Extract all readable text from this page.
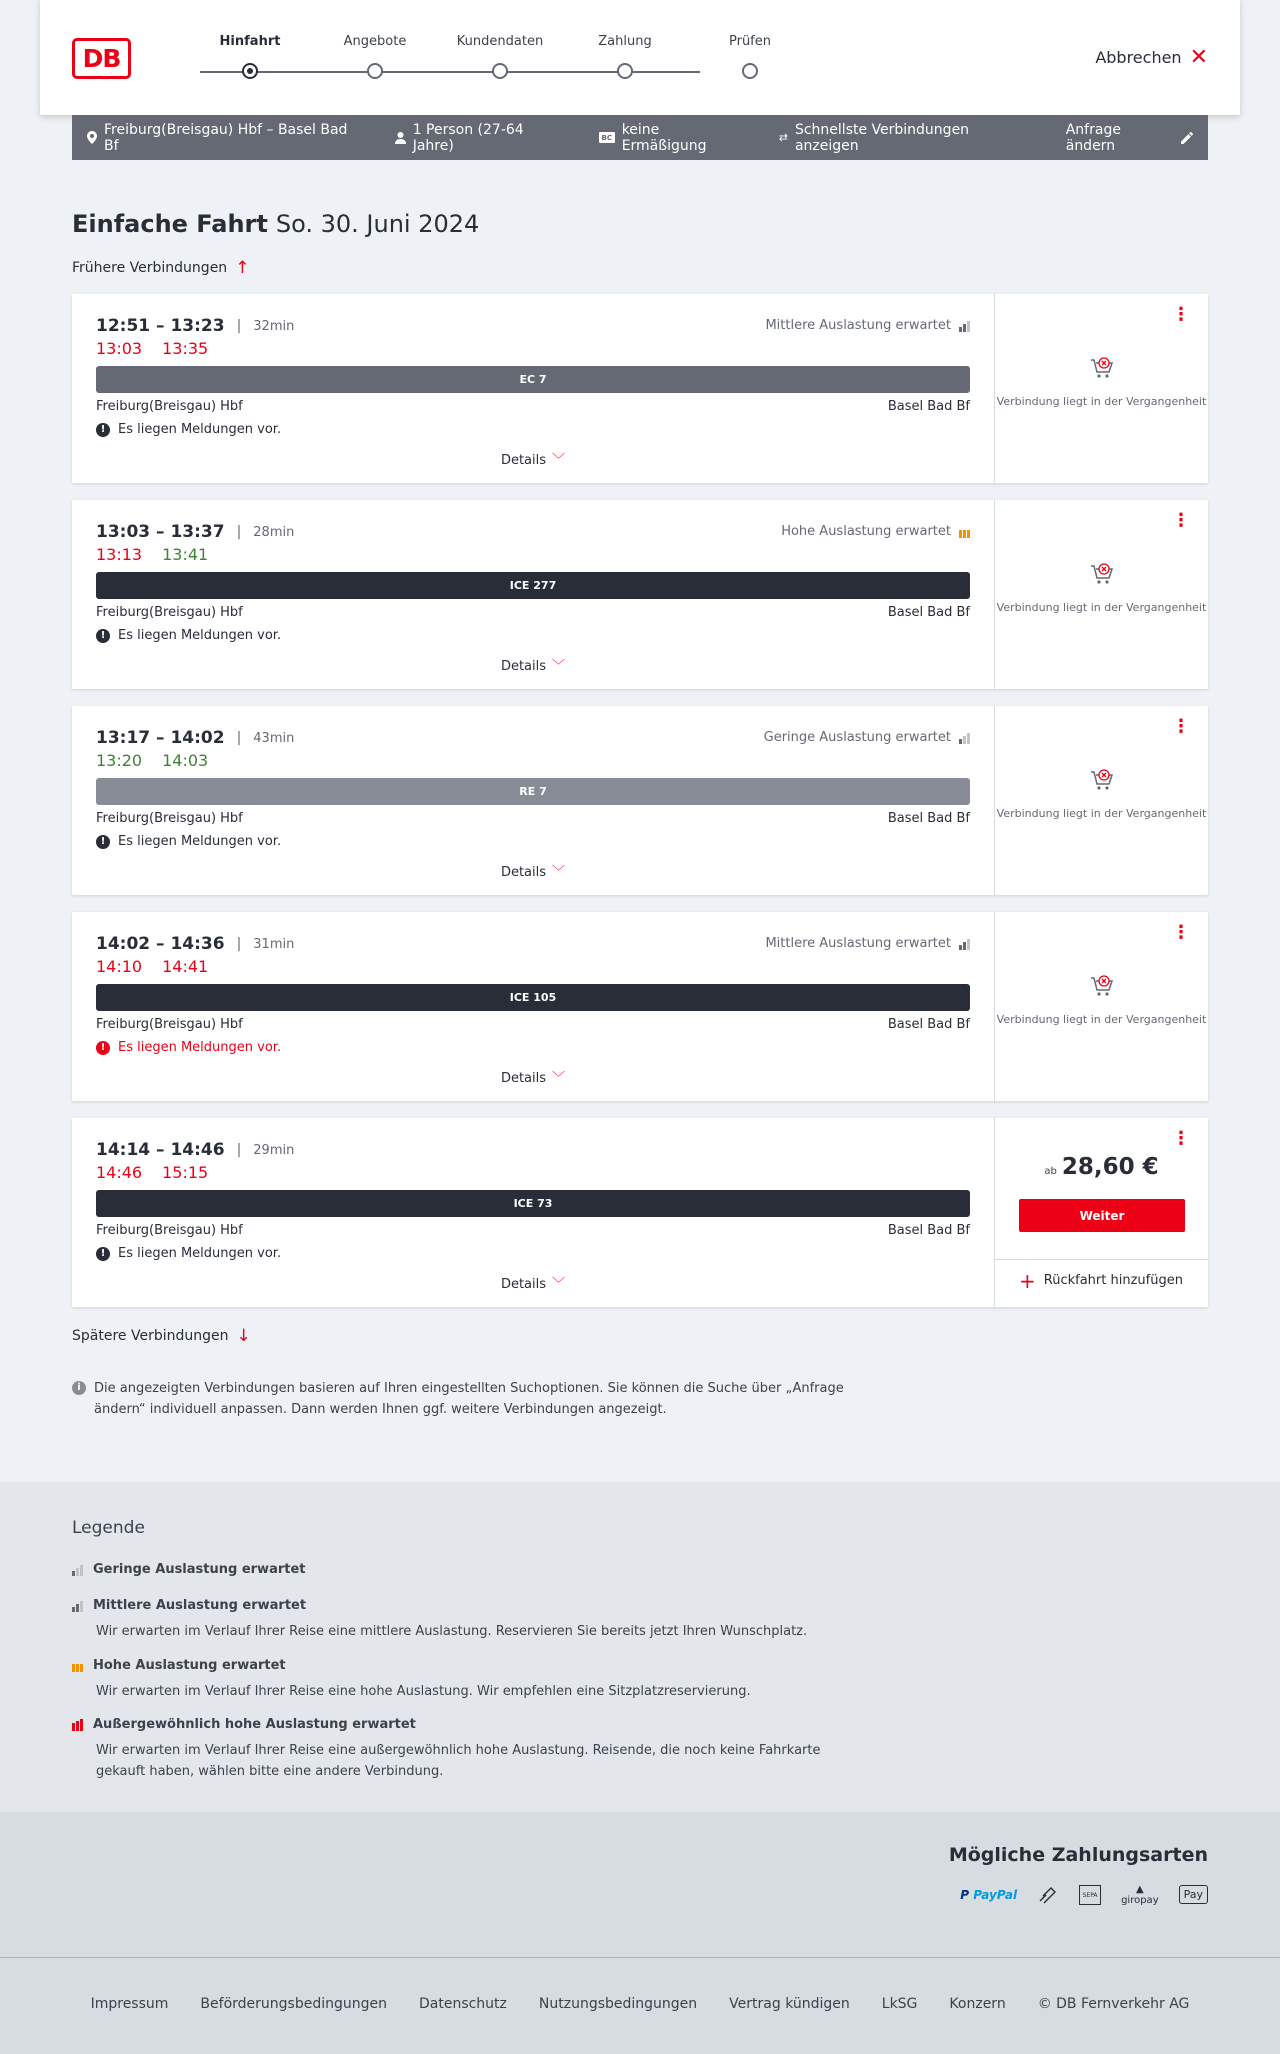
DB
Hinfahrt	Angebote	Kundendaten	Zahlung	Prüfen
Abbrechen ✕
Freiburg(Breisgau) Hbf – Basel Bad Bf
1 Person (27-64 Jahre)	BC keine Ermäßigung	⇄ Schnellste Verbindungen anzeigen
Anfrage ändern
Einfache Fahrt So. 30. Juni 2024
Frühere Verbindungen ↑
12:51 – 13:23 | 32min
13:03 13:35
Mittlere Auslastung erwartet
EC 7
Freiburg(Breisgau) Hbf	Basel Bad Bf
! Es liegen Meldungen vor.
Details ﹀
⋮
Verbindung liegt in der Vergangenheit
13:03 – 13:37 | 28min
13:13 13:41
Hohe Auslastung erwartet
ICE 277
Freiburg(Breisgau) Hbf	Basel Bad Bf
! Es liegen Meldungen vor.
Details ﹀
⋮
Verbindung liegt in der Vergangenheit
13:17 – 14:02 | 43min
13:20 14:03
Geringe Auslastung erwartet
RE 7
Freiburg(Breisgau) Hbf	Basel Bad Bf
! Es liegen Meldungen vor.
Details ﹀
⋮
Verbindung liegt in der Vergangenheit
14:02 – 14:36 | 31min
14:10 14:41
Mittlere Auslastung erwartet
ICE 105
Freiburg(Breisgau) Hbf	Basel Bad Bf
! Es liegen Meldungen vor.
Details ﹀
⋮
Verbindung liegt in der Vergangenheit
14:14 – 14:46 | 29min
14:46 15:15
ICE 73
Freiburg(Breisgau) Hbf	Basel Bad Bf
! Es liegen Meldungen vor.
Details ﹀
⋮
ab 28,60 €
Weiter
+ Rückfahrt hinzufügen
Spätere Verbindungen ↓
i	Die angezeigten Verbindungen basieren auf Ihren eingestellten Suchoptionen. Sie können die Suche über „Anfrage ändern“ individuell anpassen. Dann werden Ihnen ggf. weitere Verbindungen angezeigt.
Legende
Geringe Auslastung erwartet
Mittlere Auslastung erwartet
Wir erwarten im Verlauf Ihrer Reise eine mittlere Auslastung. Reservieren Sie bereits jetzt Ihren Wunschplatz.
Hohe Auslastung erwartet
Wir erwarten im Verlauf Ihrer Reise eine hohe Auslastung. Wir empfehlen eine Sitzplatzreservierung.
Außergewöhnlich hohe Auslastung erwartet
Wir erwarten im Verlauf Ihrer Reise eine außergewöhnlich hohe Auslastung. Reisende, die noch keine Fahrkarte gekauft haben, wählen bitte eine andere Verbindung.
Mögliche Zahlungsarten
P PayPal	SEPA
▲
giropay	Pay
Impressum Beförderungsbedingungen Datenschutz Nutzungsbedingungen Vertrag kündigen LkSG Konzern © DB Fernverkehr AG
